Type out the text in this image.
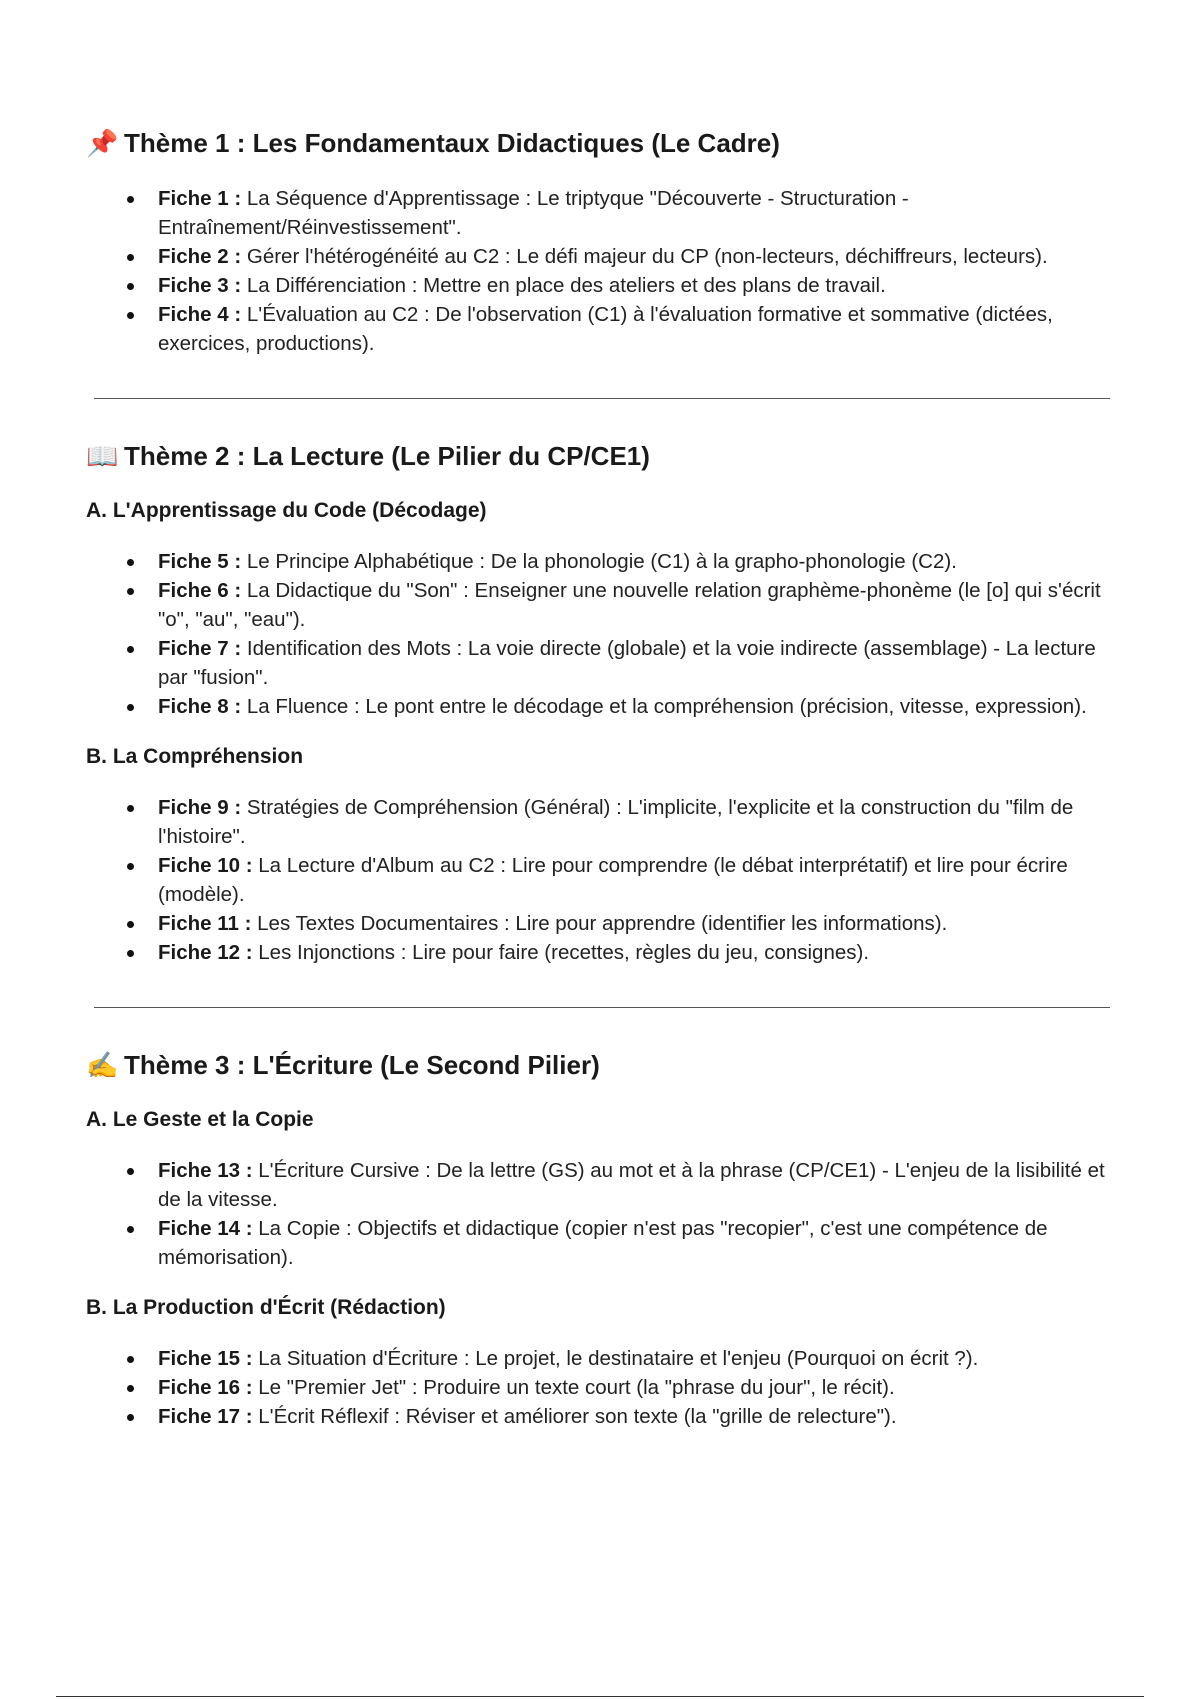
📌 Thème 1 : Les Fondamentaux Didactiques (Le Cadre)
Fiche 1 : La Séquence d'Apprentissage : Le triptyque "Découverte - Structuration - Entraînement/Réinvestissement".
Fiche 2 : Gérer l'hétérogénéité au C2 : Le défi majeur du CP (non-lecteurs, déchiffreurs, lecteurs).
Fiche 3 : La Différenciation : Mettre en place des ateliers et des plans de travail.
Fiche 4 : L'Évaluation au C2 : De l'observation (C1) à l'évaluation formative et sommative (dictées, exercices, productions).
📖 Thème 2 : La Lecture (Le Pilier du CP/CE1)
A. L'Apprentissage du Code (Décodage)
Fiche 5 : Le Principe Alphabétique : De la phonologie (C1) à la grapho-phonologie (C2).
Fiche 6 : La Didactique du "Son" : Enseigner une nouvelle relation graphème-phonème (le [o] qui s'écrit "o", "au", "eau").
Fiche 7 : Identification des Mots : La voie directe (globale) et la voie indirecte (assemblage) - La lecture par "fusion".
Fiche 8 : La Fluence : Le pont entre le décodage et la compréhension (précision, vitesse, expression).
B. La Compréhension
Fiche 9 : Stratégies de Compréhension (Général) : L'implicite, l'explicite et la construction du "film de l'histoire".
Fiche 10 : La Lecture d'Album au C2 : Lire pour comprendre (le débat interprétatif) et lire pour écrire (modèle).
Fiche 11 : Les Textes Documentaires : Lire pour apprendre (identifier les informations).
Fiche 12 : Les Injonctions : Lire pour faire (recettes, règles du jeu, consignes).
✍️ Thème 3 : L'Écriture (Le Second Pilier)
A. Le Geste et la Copie
Fiche 13 : L'Écriture Cursive : De la lettre (GS) au mot et à la phrase (CP/CE1) - L'enjeu de la lisibilité et de la vitesse.
Fiche 14 : La Copie : Objectifs et didactique (copier n'est pas "recopier", c'est une compétence de mémorisation).
B. La Production d'Écrit (Rédaction)
Fiche 15 : La Situation d'Écriture : Le projet, le destinataire et l'enjeu (Pourquoi on écrit ?).
Fiche 16 : Le "Premier Jet" : Produire un texte court (la "phrase du jour", le récit).
Fiche 17 : L'Écrit Réflexif : Réviser et améliorer son texte (la "grille de relecture").
